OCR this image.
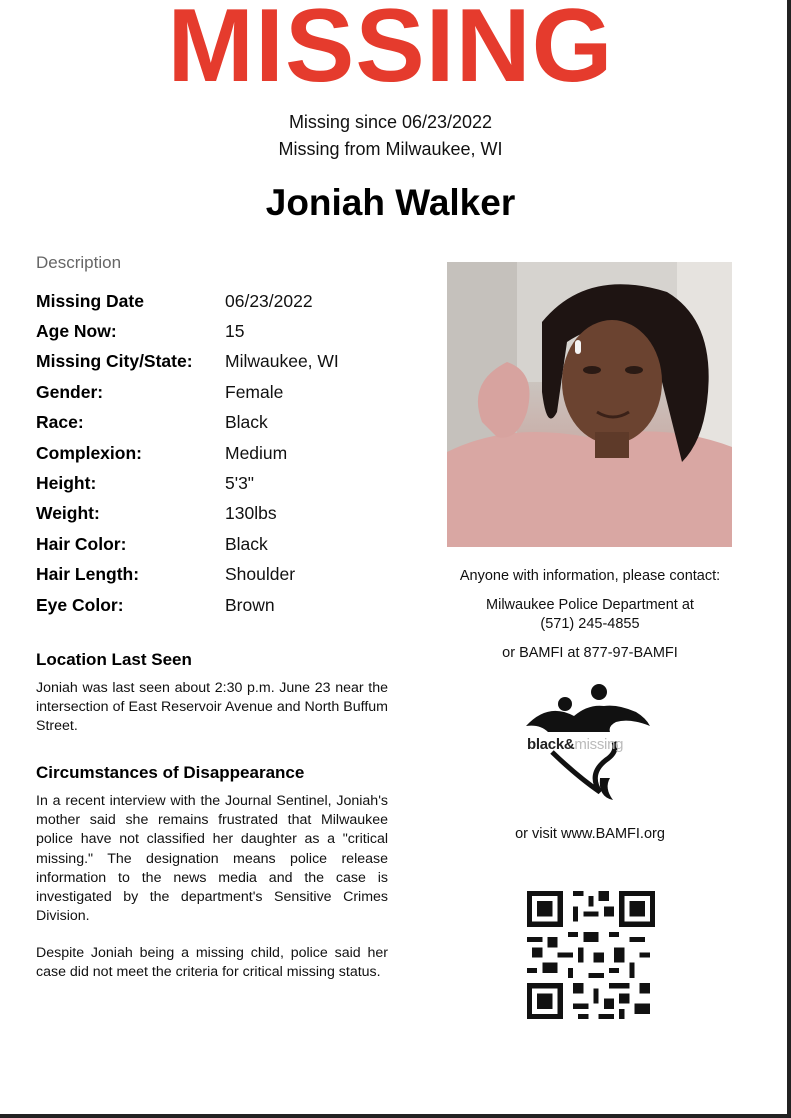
MISSING
Missing since 06/23/2022
Missing from Milwaukee, WI
Joniah Walker
Description
Missing Date	06/23/2022
Age Now:	15
Missing City/State:	Milwaukee, WI
Gender:	Female
Race:	Black
Complexion:	Medium
Height:	5'3"
Weight:	130lbs
Hair Color:	Black
Hair Length:	Shoulder
Eye Color:	Brown
Location Last Seen
Joniah was last seen about 2:30 p.m. June 23 near the intersection of East Reservoir Avenue and North Buffum Street.
Circumstances of Disappearance
In a recent interview with the Journal Sentinel, Joniah's mother said she remains frustrated that Milwaukee police have not classified her daughter as a "critical missing." The designation means police release information to the news media and the case is investigated by the department's Sensitive Crimes Division.
Despite Joniah being a missing child, police said her case did not meet the criteria for critical missing status.
Anyone with information, please contact:
Milwaukee Police Department at
(571) 245-4855
or BAMFI at 877-97-BAMFI
black&missing
or visit www.BAMFI.org
